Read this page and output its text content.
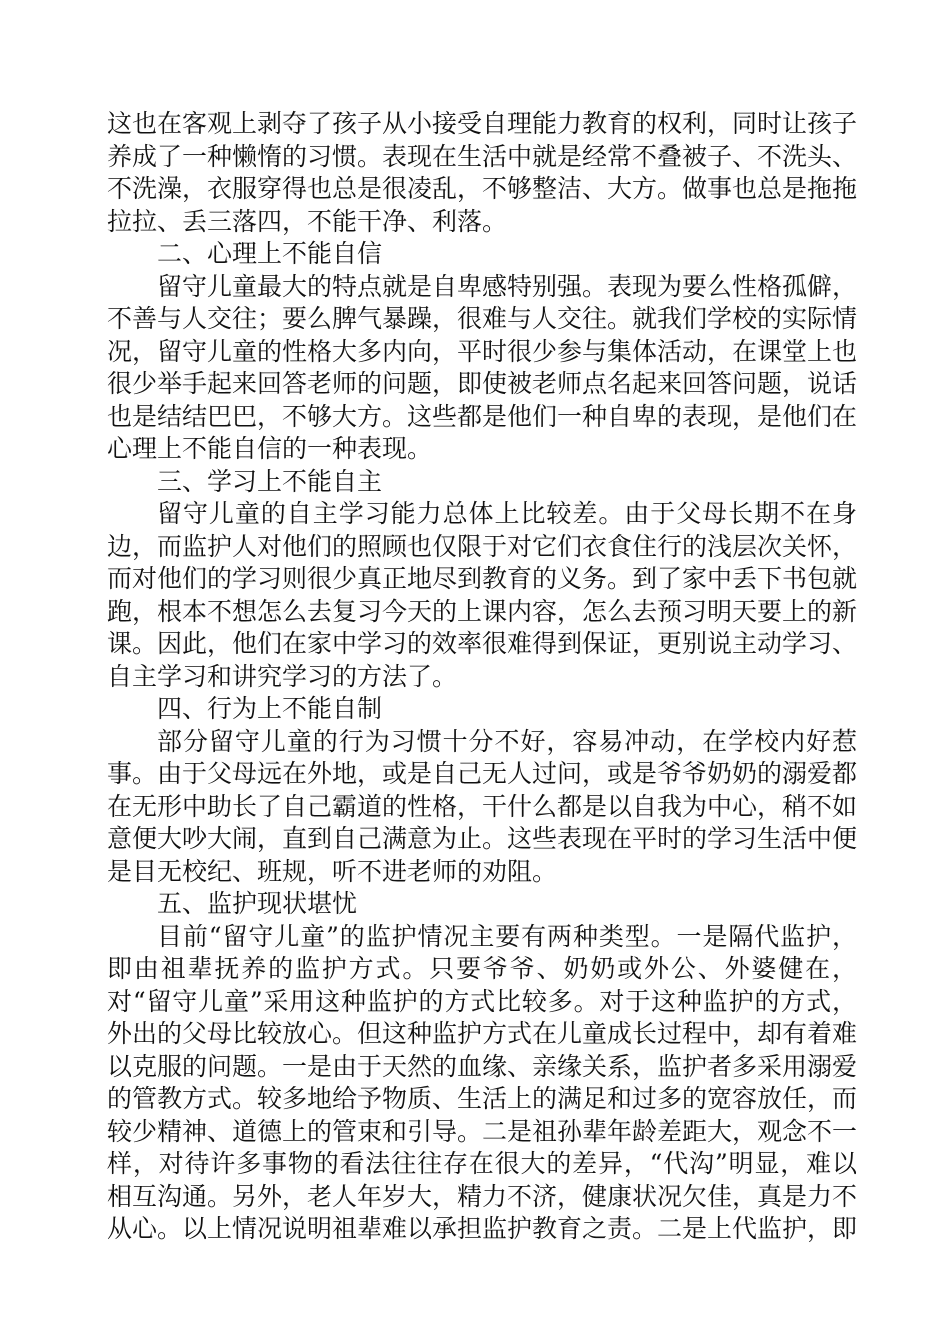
这也在客观上剥夺了孩子从小接受自理能力教育的权利，同时让孩子养成了一种懒惰的习惯。表现在生活中就是经常不叠被子、不洗头、不洗澡，衣服穿得也总是很凌乱，不够整洁、大方。做事也总是拖拖拉拉、丢三落四，不能干净、利落。

二、心理上不能自信

留守儿童最大的特点就是自卑感特别强。表现为要么性格孤僻，不善与人交往；要么脾气暴躁，很难与人交往。就我们学校的实际情况，留守儿童的性格大多内向，平时很少参与集体活动，在课堂上也很少举手起来回答老师的问题，即使被老师点名起来回答问题，说话也是结结巴巴，不够大方。这些都是他们一种自卑的表现，是他们在心理上不能自信的一种表现。

三、学习上不能自主

留守儿童的自主学习能力总体上比较差。由于父母长期不在身边，而监护人对他们的照顾也仅限于对它们衣食住行的浅层次关怀，而对他们的学习则很少真正地尽到教育的义务。到了家中丢下书包就跑，根本不想怎么去复习今天的上课内容，怎么去预习明天要上的新课。因此，他们在家中学习的效率很难得到保证，更别说主动学习、自主学习和讲究学习的方法了。

四、行为上不能自制

部分留守儿童的行为习惯十分不好，容易冲动，在学校内好惹事。由于父母远在外地，或是自己无人过问，或是爷爷奶奶的溺爱都在无形中助长了自己霸道的性格，干什么都是以自我为中心，稍不如意便大吵大闹，直到自己满意为止。这些表现在平时的学习生活中便是目无校纪、班规，听不进老师的劝阻。

五、监护现状堪忧

目前“留守儿童”的监护情况主要有两种类型。一是隔代监护，即由祖辈抚养的监护方式。只要爷爷、奶奶或外公、外婆健在，对“留守儿童”采用这种监护的方式比较多。对于这种监护的方式，外出的父母比较放心。但这种监护方式在儿童成长过程中，却有着难以克服的问题。一是由于天然的血缘、亲缘关系，监护者多采用溺爱的管教方式。较多地给予物质、生活上的满足和过多的宽容放任，而较少精神、道德上的管束和引导。二是祖孙辈年龄差距大，观念不一样，对待许多事物的看法往往存在很大的差异，“代沟”明显，难以相互沟通。另外，老人年岁大，精力不济，健康状况欠佳，真是力不从心。以上情况说明祖辈难以承担监护教育之责。二是上代监护，即
